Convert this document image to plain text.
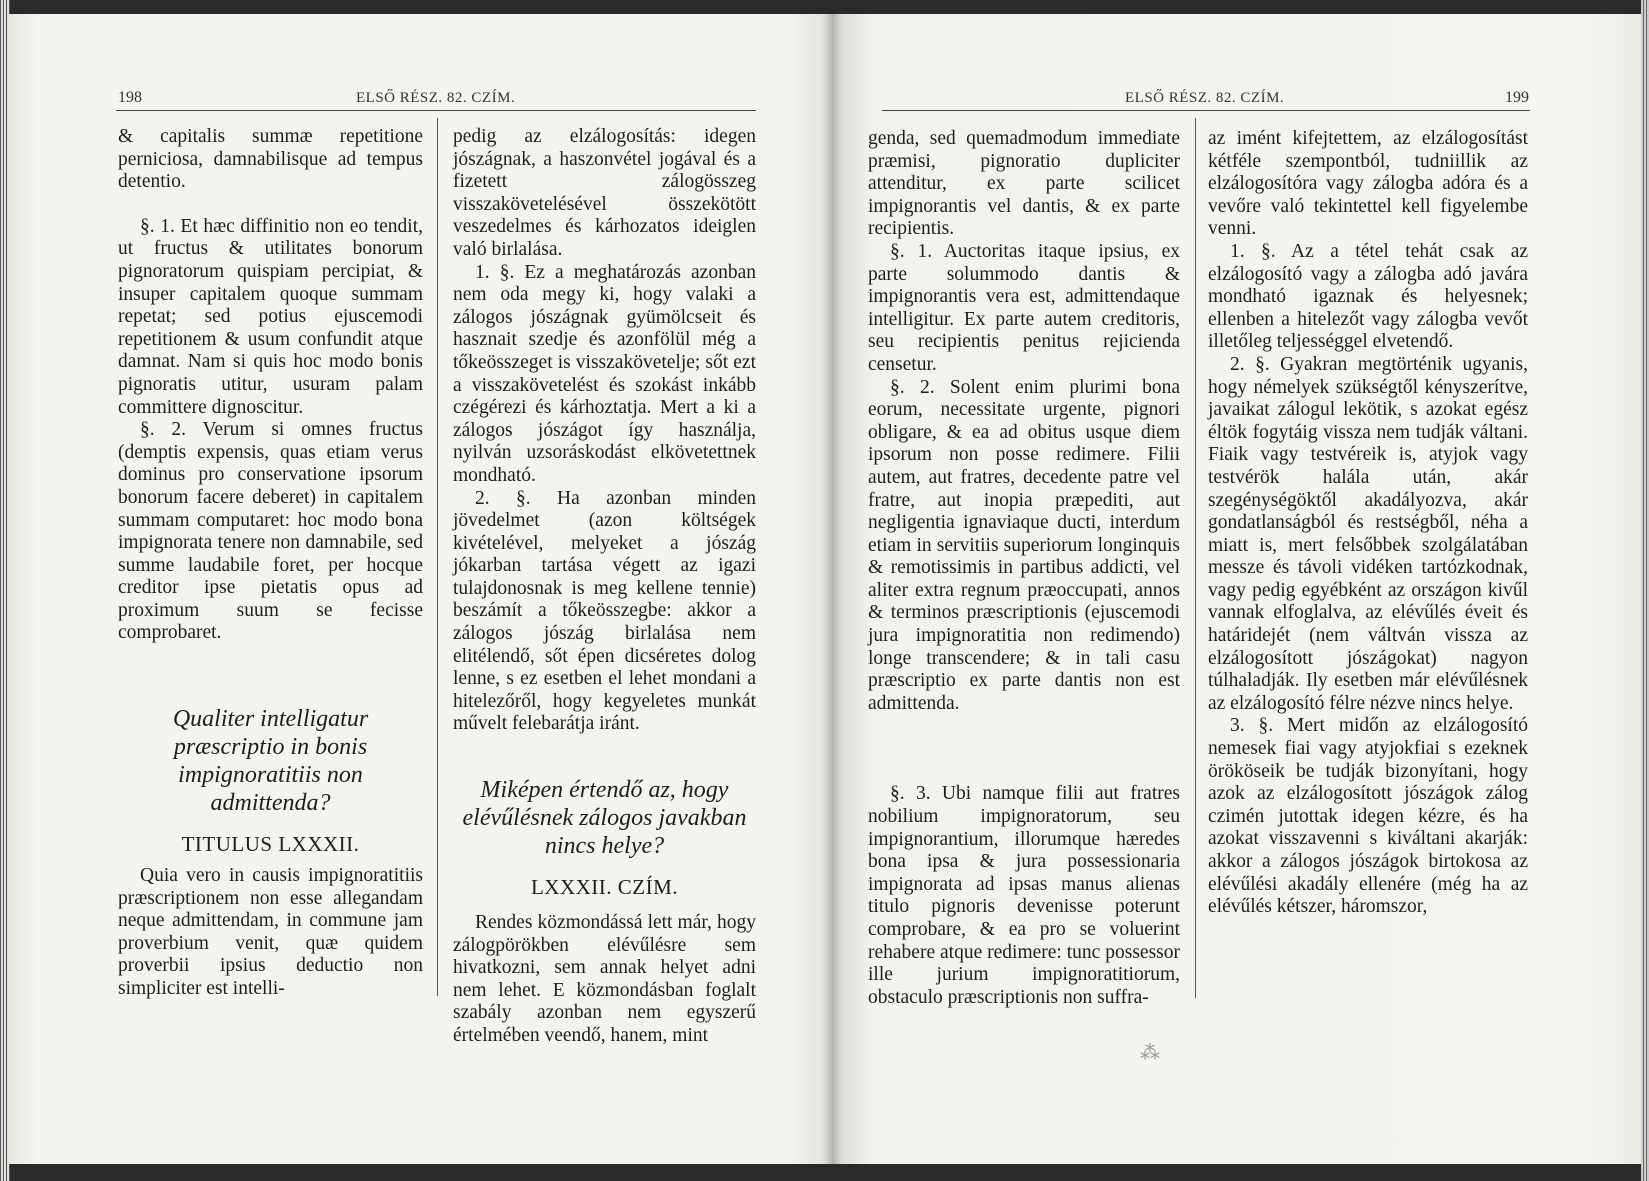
198	ELSŐ RÉSZ. 82. CZÍM.

& capitalis summæ repetitione perniciosa, damnabilisque ad tempus detentio.

§. 1. Et hæc diffinitio non eo tendit, ut fructus & utilitates bonorum pignoratorum quispiam percipiat, & insuper capitalem quoque summam repetat; sed potius ejuscemodi repetitionem & usum confundit atque damnat. Nam si quis hoc modo bonis pignoratis utitur, usuram palam committere dignoscitur.

§. 2. Verum si omnes fructus (demptis expensis, quas etiam verus dominus pro conservatione ipsorum bonorum facere deberet) in capitalem summam computaret: hoc modo bona impignorata tenere non damnabile, sed summe laudabile foret, per hocque creditor ipse pietatis opus ad proximum suum se fecisse comprobaret.

Qualiter intelligatur præscriptio in bonis impignoratitiis non admittenda?

TITULUS LXXXII.

Quia vero in causis impignoratitiis præscriptionem non esse allegandam neque admittendam, in commune jam proverbium venit, quæ quidem proverbii ipsius deductio non simpliciter est intelli-

pedig az elzálogosítás: idegen jószágnak, a haszonvétel jogával és a fizetett zálogösszeg visszakövetelésével összekötött veszedelmes és kárhozatos ideiglen való birlalása.

1. §. Ez a meghatározás azonban nem oda megy ki, hogy valaki a zálogos jószágnak gyümölcseit és hasznait szedje és azonfölül még a tőkeösszeget is visszakövetelje; sőt ezt a visszakövetelést és szokást inkább czégérezi és kárhoztatja. Mert a ki a zálogos jószágot így használja, nyilván uzsoráskodást elkövetettnek mondható.

2. §. Ha azonban minden jövedelmet (azon költségek kivételével, melyeket a jószág jókarban tartása végett az igazi tulajdonosnak is meg kellene tennie) beszámít a tőkeösszegbe: akkor a zálogos jószág birlalása nem elitélendő, sőt épen dicséretes dolog lenne, s ez esetben el lehet mondani a hitelezőről, hogy kegyeletes munkát művelt felebarátja iránt.

Miképen értendő az, hogy elévűlésnek zálogos javakban nincs helye?

LXXXII. CZÍM.

Rendes közmondássá lett már, hogy zálogpörökben elévűlésre sem hivatkozni, sem annak helyet adni nem lehet. E közmondásban foglalt szabály azonban nem egyszerű értelmében veendő, hanem, mint

ELSŐ RÉSZ. 82. CZÍM.	199

genda, sed quemadmodum immediate præmisi, pignoratio dupliciter attenditur, ex parte scilicet impignorantis vel dantis, & ex parte recipientis.

§. 1. Auctoritas itaque ipsius, ex parte solummodo dantis & impignorantis vera est, admittendaque intelligitur. Ex parte autem creditoris, seu recipientis penitus rejicienda censetur.

§. 2. Solent enim plurimi bona eorum, necessitate urgente, pignori obligare, & ea ad obitus usque diem ipsorum non posse redimere. Filii autem, aut fratres, decedente patre vel fratre, aut inopia præpediti, aut negligentia ignaviaque ducti, interdum etiam in servitiis superiorum longinquis & remotissimis in partibus addicti, vel aliter extra regnum præoccupati, annos & terminos præscriptionis (ejuscemodi jura impignoratitia non redimendo) longe transcendere; & in tali casu præscriptio ex parte dantis non est admittenda.

§. 3. Ubi namque filii aut fratres nobilium impignoratorum, seu impignorantium, illorumque hæredes bona ipsa & jura possessionaria impignorata ad ipsas manus alienas titulo pignoris devenisse poterunt comprobare, & ea pro se voluerint rehabere atque redimere: tunc possessor ille jurium impignoratitiorum, obstaculo præscriptionis non suffra-

az imént kifejtettem, az elzálogosítást kétféle szempontból, tudniillik az elzálogosítóra vagy zálogba adóra és a vevőre való tekintettel kell figyelembe venni.

1. §. Az a tétel tehát csak az elzálogosító vagy a zálogba adó javára mondható igaznak és helyesnek; ellenben a hitelezőt vagy zálogba vevőt illetőleg teljességgel elvetendő.

2. §. Gyakran megtörténik ugyanis, hogy némelyek szükségtől kényszerítve, javaikat zálogul lekötik, s azokat egész éltök fogytáig vissza nem tudják váltani. Fiaik vagy testvéreik is, atyjok vagy testvérök halála után, akár szegénységöktől akadályozva, akár gondatlanságból és restségből, néha a miatt is, mert felsőbbek szolgálatában messze és távoli vidéken tartózkodnak, vagy pedig egyébként az országon kivűl vannak elfoglalva, az elévűlés éveit és határidejét (nem váltván vissza az elzálogosított jószágokat) nagyon túlhaladják. Ily esetben már elévűlésnek az elzálogosító félre nézve nincs helye.

3. §. Mert midőn az elzálogosító nemesek fiai vagy atyjokfiai s ezeknek örököseik be tudják bizonyítani, hogy azok az elzálogosított jószágok zálog czimén jutottak idegen kézre, és ha azokat visszavenni s kiváltani akarják: akkor a zálogos jószágok birtokosa az elévűlési akadály ellenére (még ha az elévűlés kétszer, háromszor,

⁂
